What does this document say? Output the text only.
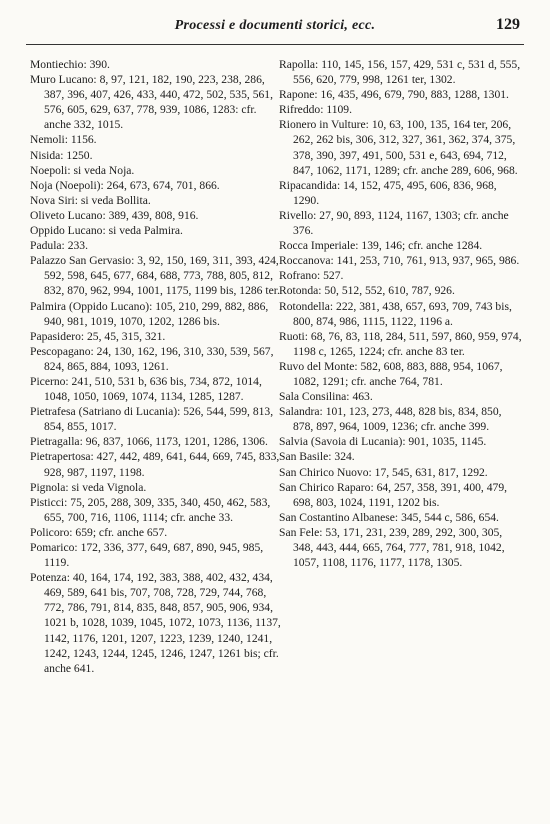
Processi e documenti storici, ecc.	129
Montiechio: 390.
Muro Lucano: 8, 97, 121, 182, 190, 223, 238, 286, 387, 396, 407, 426, 433, 440, 472, 502, 535, 561, 576, 605, 629, 637, 778, 939, 1086, 1283: cfr. anche 332, 1015.
Nemoli: 1156.
Nisida: 1250.
Noepoli: si veda Noja.
Noja (Noepoli): 264, 673, 674, 701, 866.
Nova Siri: si veda Bollita.
Oliveto Lucano: 389, 439, 808, 916.
Oppido Lucano: si veda Palmira.
Padula: 233.
Palazzo San Gervasio: 3, 92, 150, 169, 311, 393, 424, 592, 598, 645, 677, 684, 688, 773, 788, 805, 812, 832, 870, 962, 994, 1001, 1175, 1199 bis, 1286 ter.
Palmira (Oppido Lucano): 105, 210, 299, 882, 886, 940, 981, 1019, 1070, 1202, 1286 bis.
Papasidero: 25, 45, 315, 321.
Pescopagano: 24, 130, 162, 196, 310, 330, 539, 567, 824, 865, 884, 1093, 1261.
Picerno: 241, 510, 531 b, 636 bis, 734, 872, 1014, 1048, 1050, 1069, 1074, 1134, 1285, 1287.
Pietrafesa (Satriano di Lucania): 526, 544, 599, 813, 854, 855, 1017.
Pietragalla: 96, 837, 1066, 1173, 1201, 1286, 1306.
Pietrapertosa: 427, 442, 489, 641, 644, 669, 745, 833, 928, 987, 1197, 1198.
Pignola: si veda Vignola.
Pisticci: 75, 205, 288, 309, 335, 340, 450, 462, 583, 655, 700, 716, 1106, 1114; cfr. anche 33.
Policoro: 659; cfr. anche 657.
Pomarico: 172, 336, 377, 649, 687, 890, 945, 985, 1119.
Potenza: 40, 164, 174, 192, 383, 388, 402, 432, 434, 469, 589, 641 bis, 707, 708, 728, 729, 744, 768, 772, 786, 791, 814, 835, 848, 857, 905, 906, 934, 1021 b, 1028, 1039, 1045, 1072, 1073, 1136, 1137, 1142, 1176, 1201, 1207, 1223, 1239, 1240, 1241, 1242, 1243, 1244, 1245, 1246, 1247, 1261 bis; cfr. anche 641.
Rapolla: 110, 145, 156, 157, 429, 531 c, 531 d, 555, 556, 620, 779, 998, 1261 ter, 1302.
Rapone: 16, 435, 496, 679, 790, 883, 1288, 1301.
Rifreddo: 1109.
Rionero in Vulture: 10, 63, 100, 135, 164 ter, 206, 262, 262 bis, 306, 312, 327, 361, 362, 374, 375, 378, 390, 397, 491, 500, 531 e, 643, 694, 712, 847, 1062, 1171, 1289; cfr. anche 289, 606, 968.
Ripacandida: 14, 152, 475, 495, 606, 836, 968, 1290.
Rivello: 27, 90, 893, 1124, 1167, 1303; cfr. anche 376.
Rocca Imperiale: 139, 146; cfr. anche 1284.
Roccanova: 141, 253, 710, 761, 913, 937, 965, 986.
Rofrano: 527.
Rotonda: 50, 512, 552, 610, 787, 926.
Rotondella: 222, 381, 438, 657, 693, 709, 743 bis, 800, 874, 986, 1115, 1122, 1196 a.
Ruoti: 68, 76, 83, 118, 284, 511, 597, 860, 959, 974, 1198 c, 1265, 1224; cfr. anche 83 ter.
Ruvo del Monte: 582, 608, 883, 888, 954, 1067, 1082, 1291; cfr. anche 764, 781.
Sala Consilina: 463.
Salandra: 101, 123, 273, 448, 828 bis, 834, 850, 878, 897, 964, 1009, 1236; cfr. anche 399.
Salvia (Savoia di Lucania): 901, 1035, 1145.
San Basile: 324.
San Chirico Nuovo: 17, 545, 631, 817, 1292.
San Chirico Raparo: 64, 257, 358, 391, 400, 479, 698, 803, 1024, 1191, 1202 bis.
San Costantino Albanese: 345, 544 c, 586, 654.
San Fele: 53, 171, 231, 239, 289, 292, 300, 305, 348, 443, 444, 665, 764, 777, 781, 918, 1042, 1057, 1108, 1176, 1177, 1178, 1305.
